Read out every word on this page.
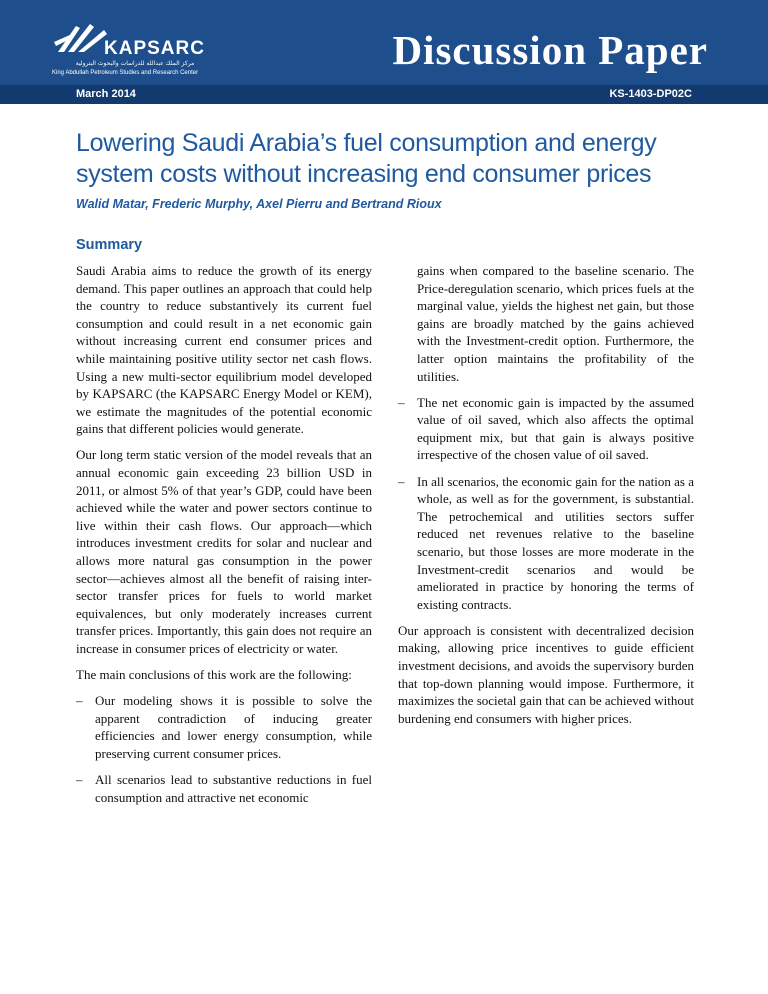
KAPSARC
مركز الملك عبدالله للدراسات والبحوث البترولية
King Abdullah Petroleum Studies and Research Center	Discussion Paper
March 2014	KS-1403-DP02C
Lowering Saudi Arabia’s fuel consumption and energy system costs without increasing end consumer prices
Walid Matar, Frederic Murphy, Axel Pierru and Bertrand Rioux
Summary

Saudi Arabia aims to reduce the growth of its energy demand. This paper outlines an approach that could help the country to reduce substantively its current fuel consumption and could result in a net economic gain without increasing current end consumer prices and while maintaining positive utility sector net cash flows. Using a new multi-sector equilibrium model developed by KAPSARC (the KAPSARC Energy Model or KEM), we estimate the magnitudes of the potential economic gains that different policies would generate.

Our long term static version of the model reveals that an annual economic gain exceeding 23 billion USD in 2011, or almost 5% of that year’s GDP, could have been achieved while the water and power sectors continue to live within their cash flows. Our approach—which introduces investment credits for solar and nuclear and allows more natural gas consumption in the power sector—achieves almost all the benefit of raising inter-sector transfer prices for fuels to world market equivalences, but only moderately increases current transfer prices. Importantly, this gain does not require an increase in consumer prices of electricity or water.

The main conclusions of this work are the following:

– Our modeling shows it is possible to solve the apparent contradiction of inducing greater efficiencies and lower energy consumption, while preserving current consumer prices.
– All scenarios lead to substantive reductions in fuel consumption and attractive net economic
gains when compared to the baseline scenario. The Price-deregulation scenario, which prices fuels at the marginal value, yields the highest net gain, but those gains are broadly matched by the gains achieved with the Investment-credit option. Furthermore, the latter option maintains the profitability of the utilities.
– The net economic gain is impacted by the assumed value of oil saved, which also affects the optimal equipment mix, but that gain is always positive irrespective of the chosen value of oil saved.
– In all scenarios, the economic gain for the nation as a whole, as well as for the government, is substantial. The petrochemical and utilities sectors suffer reduced net revenues relative to the baseline scenario, but those losses are more moderate in the Investment-credit scenarios and would be ameliorated in practice by honoring the terms of existing contracts.

Our approach is consistent with decentralized decision making, allowing price incentives to guide efficient investment decisions, and avoids the supervisory burden that top-down planning would impose. Furthermore, it maximizes the societal gain that can be achieved without burdening end consumers with higher prices.
